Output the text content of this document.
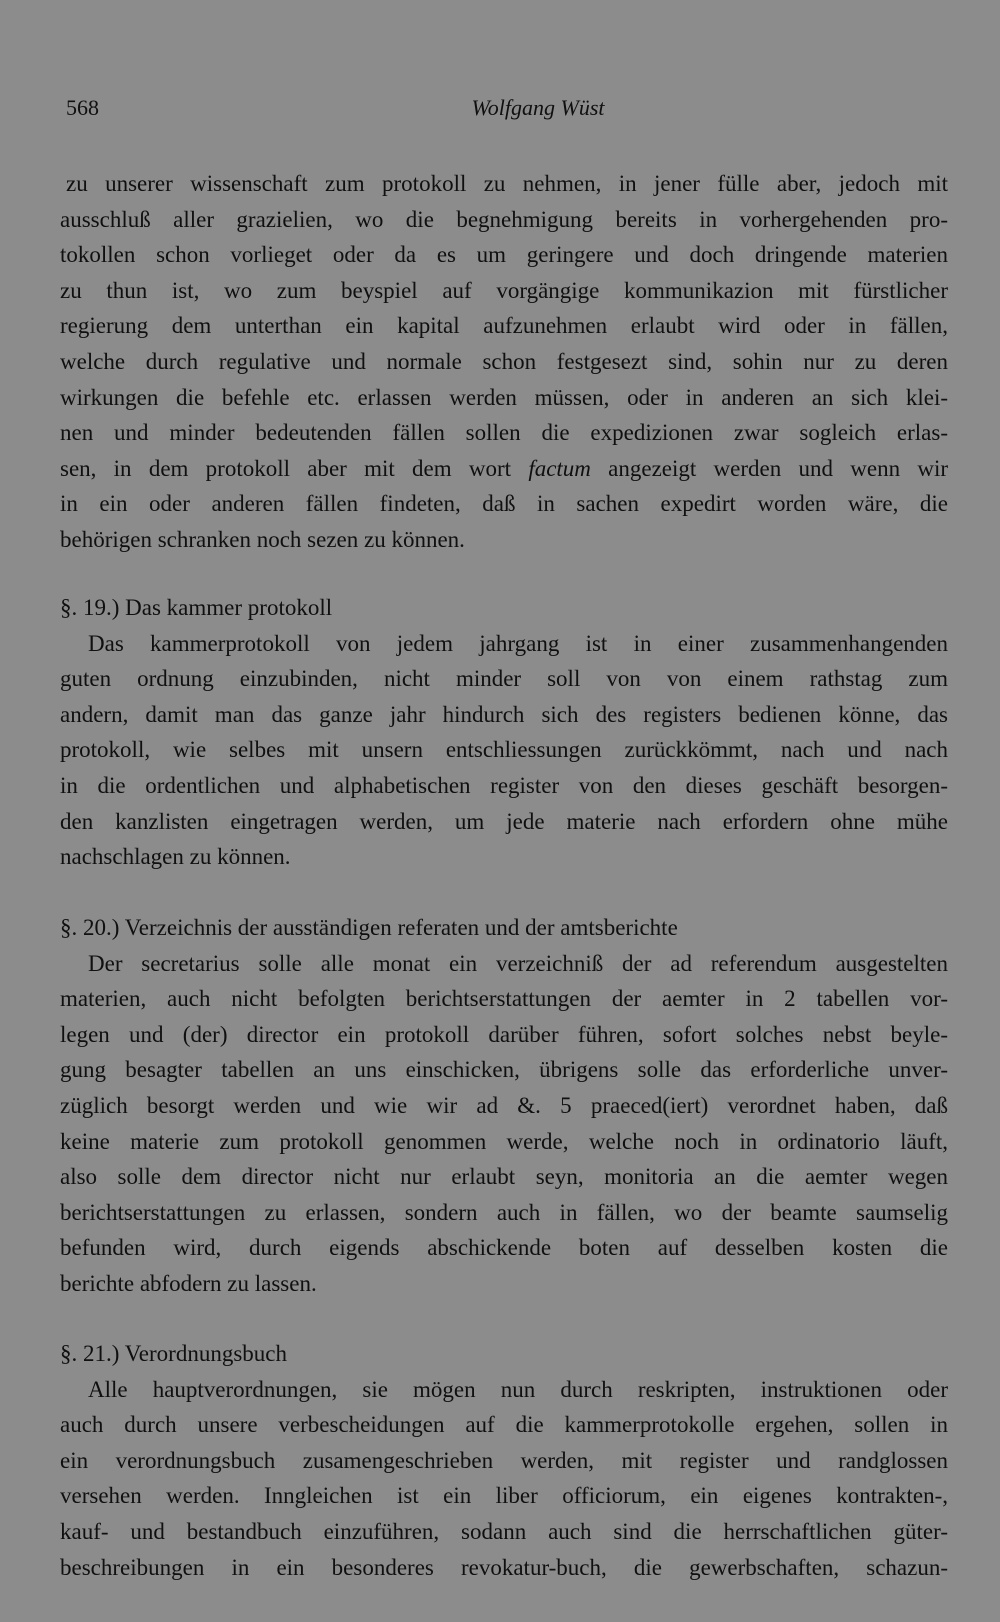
568	Wolfgang Wüst
zu unserer wissenschaft zum protokoll zu nehmen, in jener fülle aber, jedoch mit
ausschluß aller grazielien, wo die begnehmigung bereits in vorhergehenden pro-
tokollen schon vorlieget oder da es um geringere und doch dringende materien
zu thun ist, wo zum beyspiel auf vorgängige kommunikazion mit fürstlicher
regierung dem unterthan ein kapital aufzunehmen erlaubt wird oder in fällen,
welche durch regulative und normale schon festgesezt sind, sohin nur zu deren
wirkungen die befehle etc. erlassen werden müssen, oder in anderen an sich klei-
nen und minder bedeutenden fällen sollen die expedizionen zwar sogleich erlas-
sen, in dem protokoll aber mit dem wort factum angezeigt werden und wenn wir
in ein oder anderen fällen findeten, daß in sachen expedirt worden wäre, die
behörigen schranken noch sezen zu können.
§. 19.) Das kammer protokoll
Das kammerprotokoll von jedem jahrgang ist in einer zusammenhangenden
guten ordnung einzubinden, nicht minder soll von von einem rathstag zum
andern, damit man das ganze jahr hindurch sich des registers bedienen könne, das
protokoll, wie selbes mit unsern entschliessungen zurückkömmt, nach und nach
in die ordentlichen und alphabetischen register von den dieses geschäft besorgen-
den kanzlisten eingetragen werden, um jede materie nach erfordern ohne mühe
nachschlagen zu können.
§. 20.) Verzeichnis der ausständigen referaten und der amtsberichte
Der secretarius solle alle monat ein verzeichniß der ad referendum ausgestelten
materien, auch nicht befolgten berichtserstattungen der aemter in 2 tabellen vor-
legen und (der) director ein protokoll darüber führen, sofort solches nebst beyle-
gung besagter tabellen an uns einschicken, übrigens solle das erforderliche unver-
züglich besorgt werden und wie wir ad &. 5 praeced(iert) verordnet haben, daß
keine materie zum protokoll genommen werde, welche noch in ordinatorio läuft,
also solle dem director nicht nur erlaubt seyn, monitoria an die aemter wegen
berichtserstattungen zu erlassen, sondern auch in fällen, wo der beamte saumselig
befunden wird, durch eigends abschickende boten auf desselben kosten die
berichte abfodern zu lassen.
§. 21.) Verordnungsbuch
Alle hauptverordnungen, sie mögen nun durch reskripten, instruktionen oder
auch durch unsere verbescheidungen auf die kammerprotokolle ergehen, sollen in
ein verordnungsbuch zusamengeschrieben werden, mit register und randglossen
versehen werden. Inngleichen ist ein liber officiorum, ein eigenes kontrakten-,
kauf- und bestandbuch einzuführen, sodann auch sind die herrschaftlichen güter-
beschreibungen in ein besonderes revokatur-buch, die gewerbschaften, schazun-
